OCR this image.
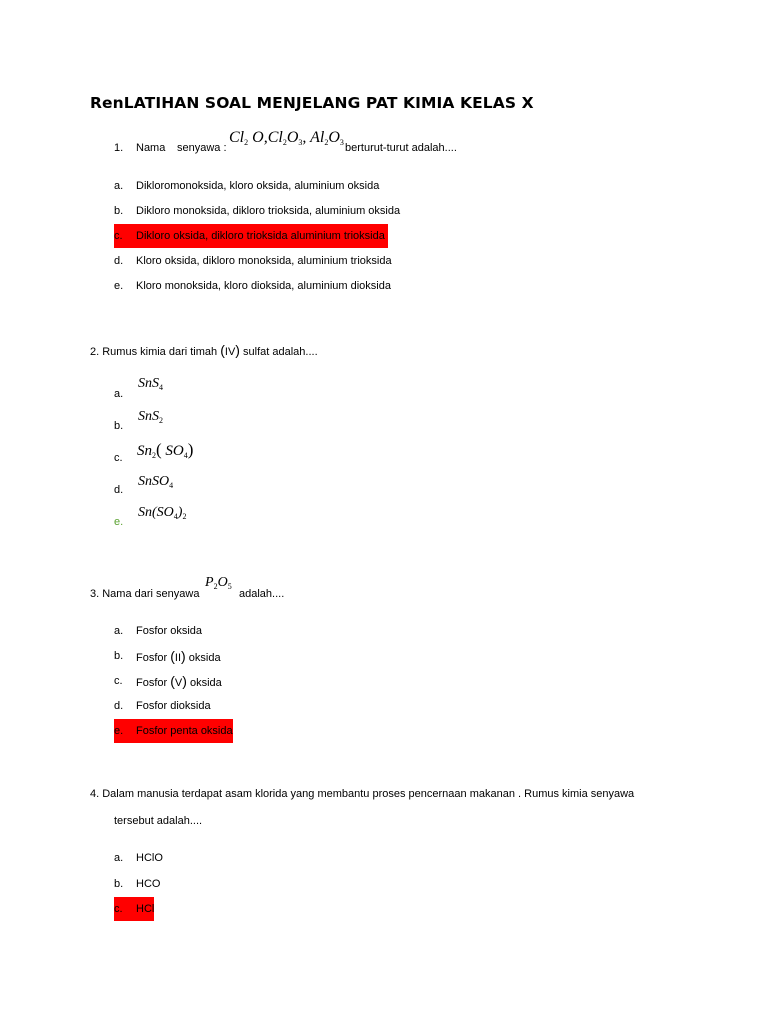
RenLATIHAN SOAL MENJELANG PAT KIMIA KELAS X
1. Nama senyawa :
$Cl_2$ $O,Cl_2O_3$, $Al_2O_3$ berturut-turut adalah....
a. Dikloromonoksida, kloro oksida, aluminium oksida
b. Dikloro monoksida, dikloro trioksida, aluminium oksida
c. Dikloro oksida, dikloro trioksida aluminium trioksida
d. Kloro oksida, dikloro monoksida, aluminium trioksida
e. Kloro monoksida, kloro dioksida, aluminium dioksida
2. Rumus kimia dari timah (IV) sulfat adalah....
a.
SnS$_4$
b.
SnS$_2$
c. $Sn_2$( $SO_4$)
d.
SnSO$_4$
e.
$Sn(SO_4)_2$
3. Nama dari senyawa
$P_2O_5$
adalah....
a. Fosfor oksida
b. Fosfor (II) oksida
c. Fosfor (V) oksida
d. Fosfor dioksida
e. Fosfor penta oksida
4. Dalam manusia terdapat asam klorida yang membantu proses pencernaan makanan . Rumus kimia senyawa
tersebut adalah....
a. HClO
b. HCO
c. HCl
